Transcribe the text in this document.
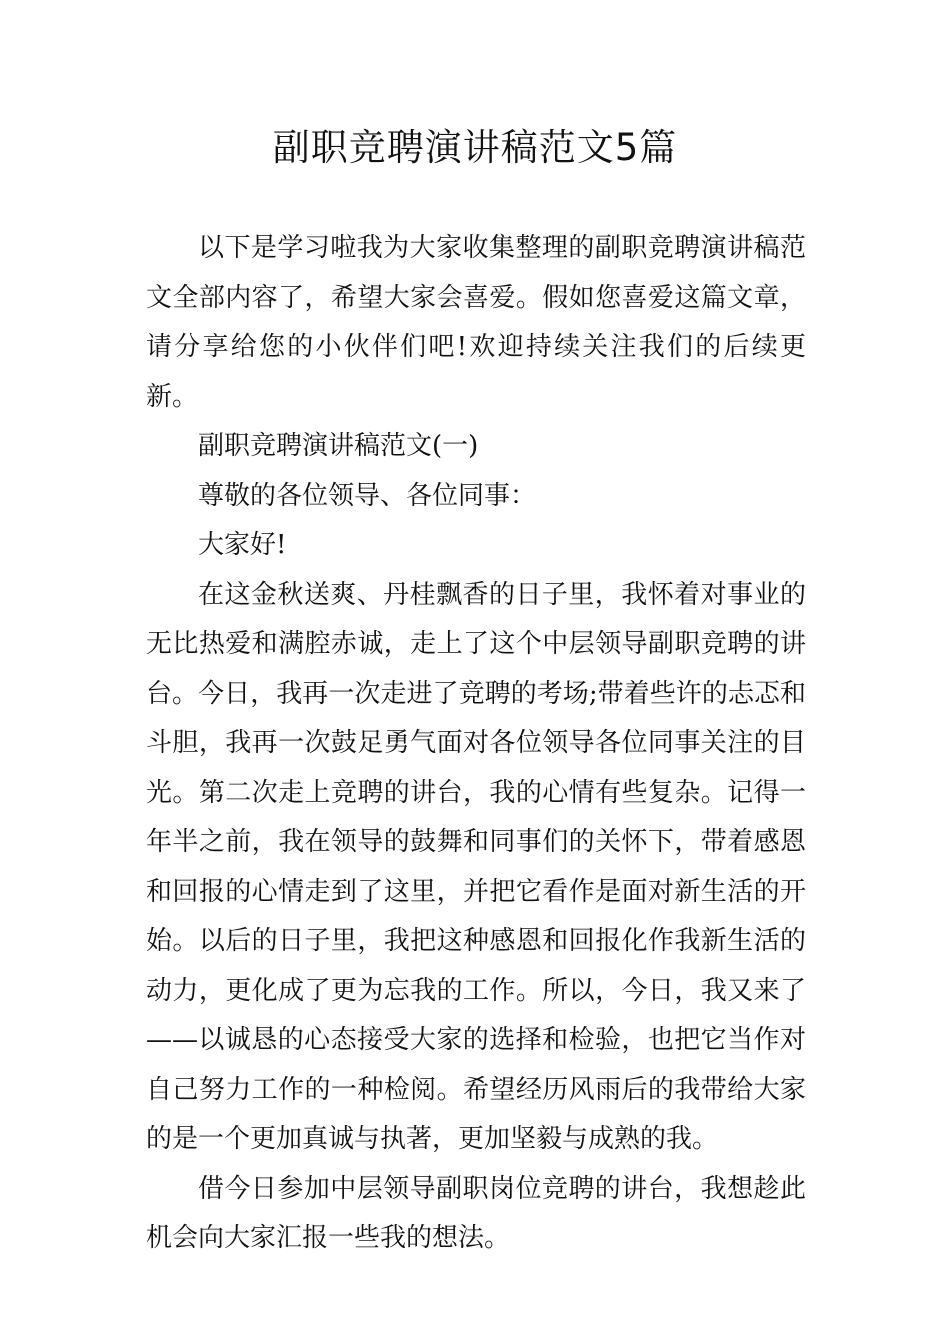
副职竞聘演讲稿范文5篇

以下是学习啦我为大家收集整理的副职竞聘演讲稿范文全部内容了，希望大家会喜爱。假如您喜爱这篇文章，请分享给您的小伙伴们吧!欢迎持续关注我们的后续更新。

副职竞聘演讲稿范文(一)

尊敬的各位领导、各位同事：

大家好!

在这金秋送爽、丹桂飘香的日子里，我怀着对事业的无比热爱和满腔赤诚，走上了这个中层领导副职竞聘的讲台。今日，我再一次走进了竞聘的考场;带着些许的忐忑和斗胆，我再一次鼓足勇气面对各位领导各位同事关注的目光。第二次走上竞聘的讲台，我的心情有些复杂。记得一年半之前，我在领导的鼓舞和同事们的关怀下，带着感恩和回报的心情走到了这里，并把它看作是面对新生活的开始。以后的日子里，我把这种感恩和回报化作我新生活的动力，更化成了更为忘我的工作。所以，今日，我又来了——以诚恳的心态接受大家的选择和检验，也把它当作对自己努力工作的一种检阅。希望经历风雨后的我带给大家的是一个更加真诚与执著，更加坚毅与成熟的我。

借今日参加中层领导副职岗位竞聘的讲台，我想趁此机会向大家汇报一些我的想法。
